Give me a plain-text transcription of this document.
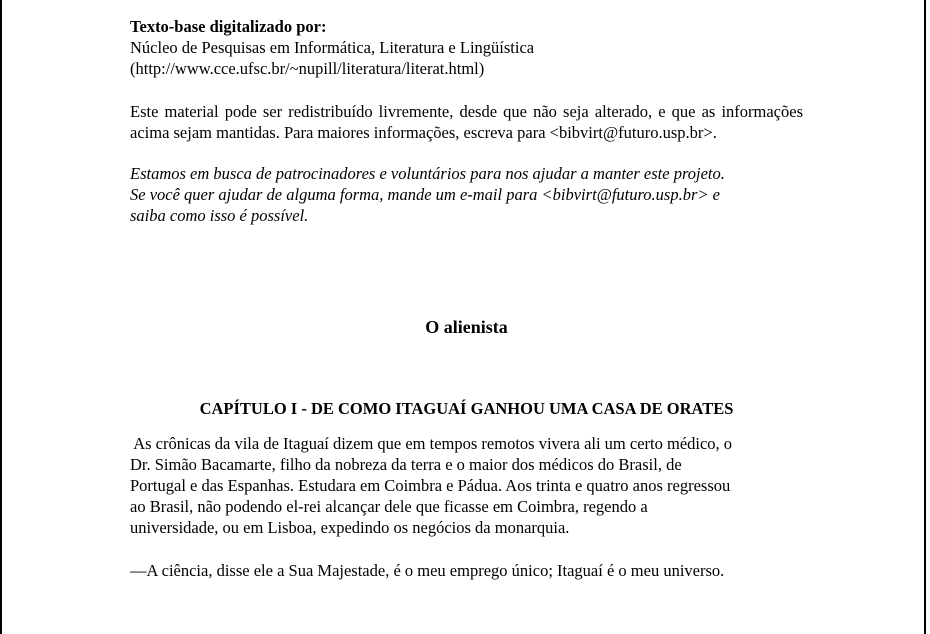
Texto-base digitalizado por:

Núcleo de Pesquisas em Informática, Literatura e Lingüística

(http://www.cce.ufsc.br/~nupill/literatura/literat.html)

Este material pode ser redistribuído livremente, desde que não seja alterado, e que as informações acima sejam mantidas. Para maiores informações, escreva para <bibvirt@futuro.usp.br>.

Estamos em busca de patrocinadores e voluntários para nos ajudar a manter este projeto.

Se você quer ajudar de alguma forma, mande um e-mail para <bibvirt@futuro.usp.br> e

saiba como isso é possível.

O alienista

CAPÍTULO I - DE COMO ITAGUAÍ GANHOU UMA CASA DE ORATES

As crônicas da vila de Itaguaí dizem que em tempos remotos vivera ali um certo médico, o

Dr. Simão Bacamarte, filho da nobreza da terra e o maior dos médicos do Brasil, de

Portugal e das Espanhas. Estudara em Coimbra e Pádua. Aos trinta e quatro anos regressou

ao Brasil, não podendo el-rei alcançar dele que ficasse em Coimbra, regendo a

universidade, ou em Lisboa, expedindo os negócios da monarquia.

—A ciência, disse ele a Sua Majestade, é o meu emprego único; Itaguaí é o meu universo.
